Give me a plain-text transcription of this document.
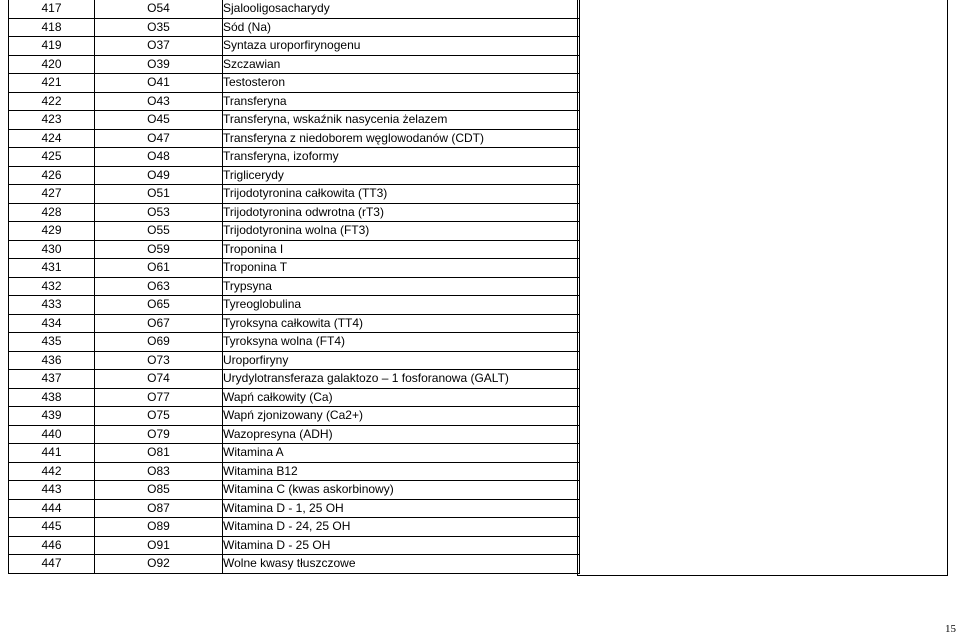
417	O54	Sjalooligosacharydy
418	O35	Sód (Na)
419	O37	Syntaza uroporfirynogenu
420	O39	Szczawian
421	O41	Testosteron
422	O43	Transferyna
423	O45	Transferyna, wskaźnik nasycenia żelazem
424	O47	Transferyna z niedoborem węglowodanów (CDT)
425	O48	Transferyna, izoformy
426	O49	Triglicerydy
427	O51	Trijodotyronina całkowita (TT3)
428	O53	Trijodotyronina odwrotna (rT3)
429	O55	Trijodotyronina wolna (FT3)
430	O59	Troponina I
431	O61	Troponina T
432	O63	Trypsyna
433	O65	Tyreoglobulina
434	O67	Tyroksyna całkowita (TT4)
435	O69	Tyroksyna wolna (FT4)
436	O73	Uroporfiryny
437	O74	Urydylotransferaza galaktozo – 1 fosforanowa (GALT)
438	O77	Wapń całkowity (Ca)
439	O75	Wapń zjonizowany (Ca2+)
440	O79	Wazopresyna (ADH)
441	O81	Witamina A
442	O83	Witamina B12
443	O85	Witamina C (kwas askorbinowy)
444	O87	Witamina D - 1, 25 OH
445	O89	Witamina D - 24, 25 OH
446	O91	Witamina D - 25 OH
447	O92	Wolne kwasy tłuszczowe
15
